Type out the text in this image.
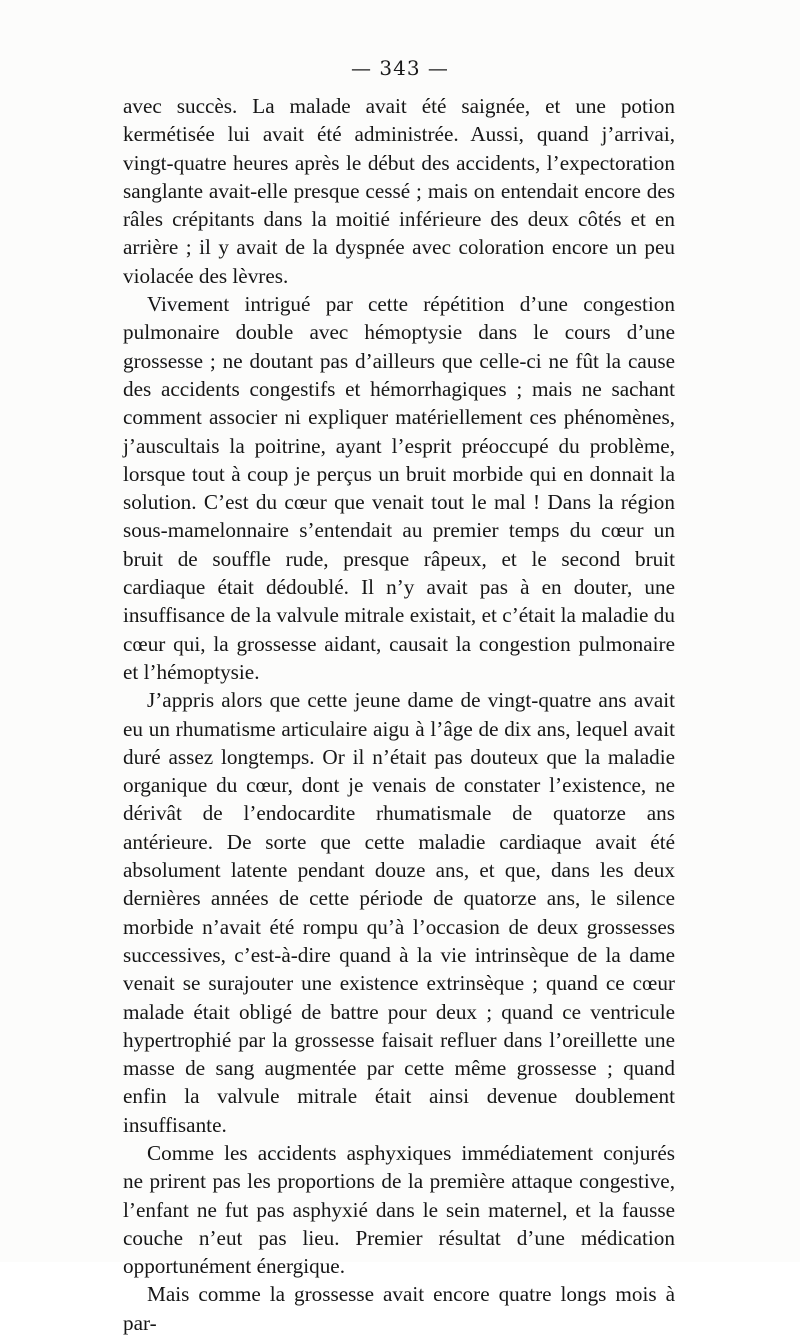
— 343 —

avec succès. La malade avait été saignée, et une potion kermétisée lui avait été administrée. Aussi, quand j’arrivai, vingt-quatre heures après le début des accidents, l’expectoration sanglante avait-elle presque cessé ; mais on entendait encore des râles crépitants dans la moitié inférieure des deux côtés et en arrière ; il y avait de la dyspnée avec coloration encore un peu violacée des lèvres.

Vivement intrigué par cette répétition d’une congestion pulmonaire double avec hémoptysie dans le cours d’une grossesse ; ne doutant pas d’ailleurs que celle-ci ne fût la cause des accidents congestifs et hémorrhagiques ; mais ne sachant comment associer ni expliquer matériellement ces phénomènes, j’auscultais la poitrine, ayant l’esprit préoccupé du problème, lorsque tout à coup je perçus un bruit morbide qui en donnait la solution. C’est du cœur que venait tout le mal ! Dans la région sous-mamelonnaire s’entendait au premier temps du cœur un bruit de souffle rude, presque râpeux, et le second bruit cardiaque était dédoublé. Il n’y avait pas à en douter, une insuffisance de la valvule mitrale existait, et c’était la maladie du cœur qui, la grossesse aidant, causait la congestion pulmonaire et l’hémoptysie.

J’appris alors que cette jeune dame de vingt-quatre ans avait eu un rhumatisme articulaire aigu à l’âge de dix ans, lequel avait duré assez longtemps. Or il n’était pas douteux que la maladie organique du cœur, dont je venais de constater l’existence, ne dérivât de l’endocardite rhumatismale de quatorze ans antérieure. De sorte que cette maladie cardiaque avait été absolument latente pendant douze ans, et que, dans les deux dernières années de cette période de quatorze ans, le silence morbide n’avait été rompu qu’à l’occasion de deux grossesses successives, c’est-à-dire quand à la vie intrinsèque de la dame venait se surajouter une existence extrinsèque ; quand ce cœur malade était obligé de battre pour deux ; quand ce ventricule hypertrophié par la grossesse faisait refluer dans l’oreillette une masse de sang augmentée par cette même grossesse ; quand enfin la valvule mitrale était ainsi devenue doublement insuffisante.

Comme les accidents asphyxiques immédiatement conjurés ne prirent pas les proportions de la première attaque congestive, l’enfant ne fut pas asphyxié dans le sein maternel, et la fausse couche n’eut pas lieu. Premier résultat d’une médication opportunément énergique.

Mais comme la grossesse avait encore quatre longs mois à par-
